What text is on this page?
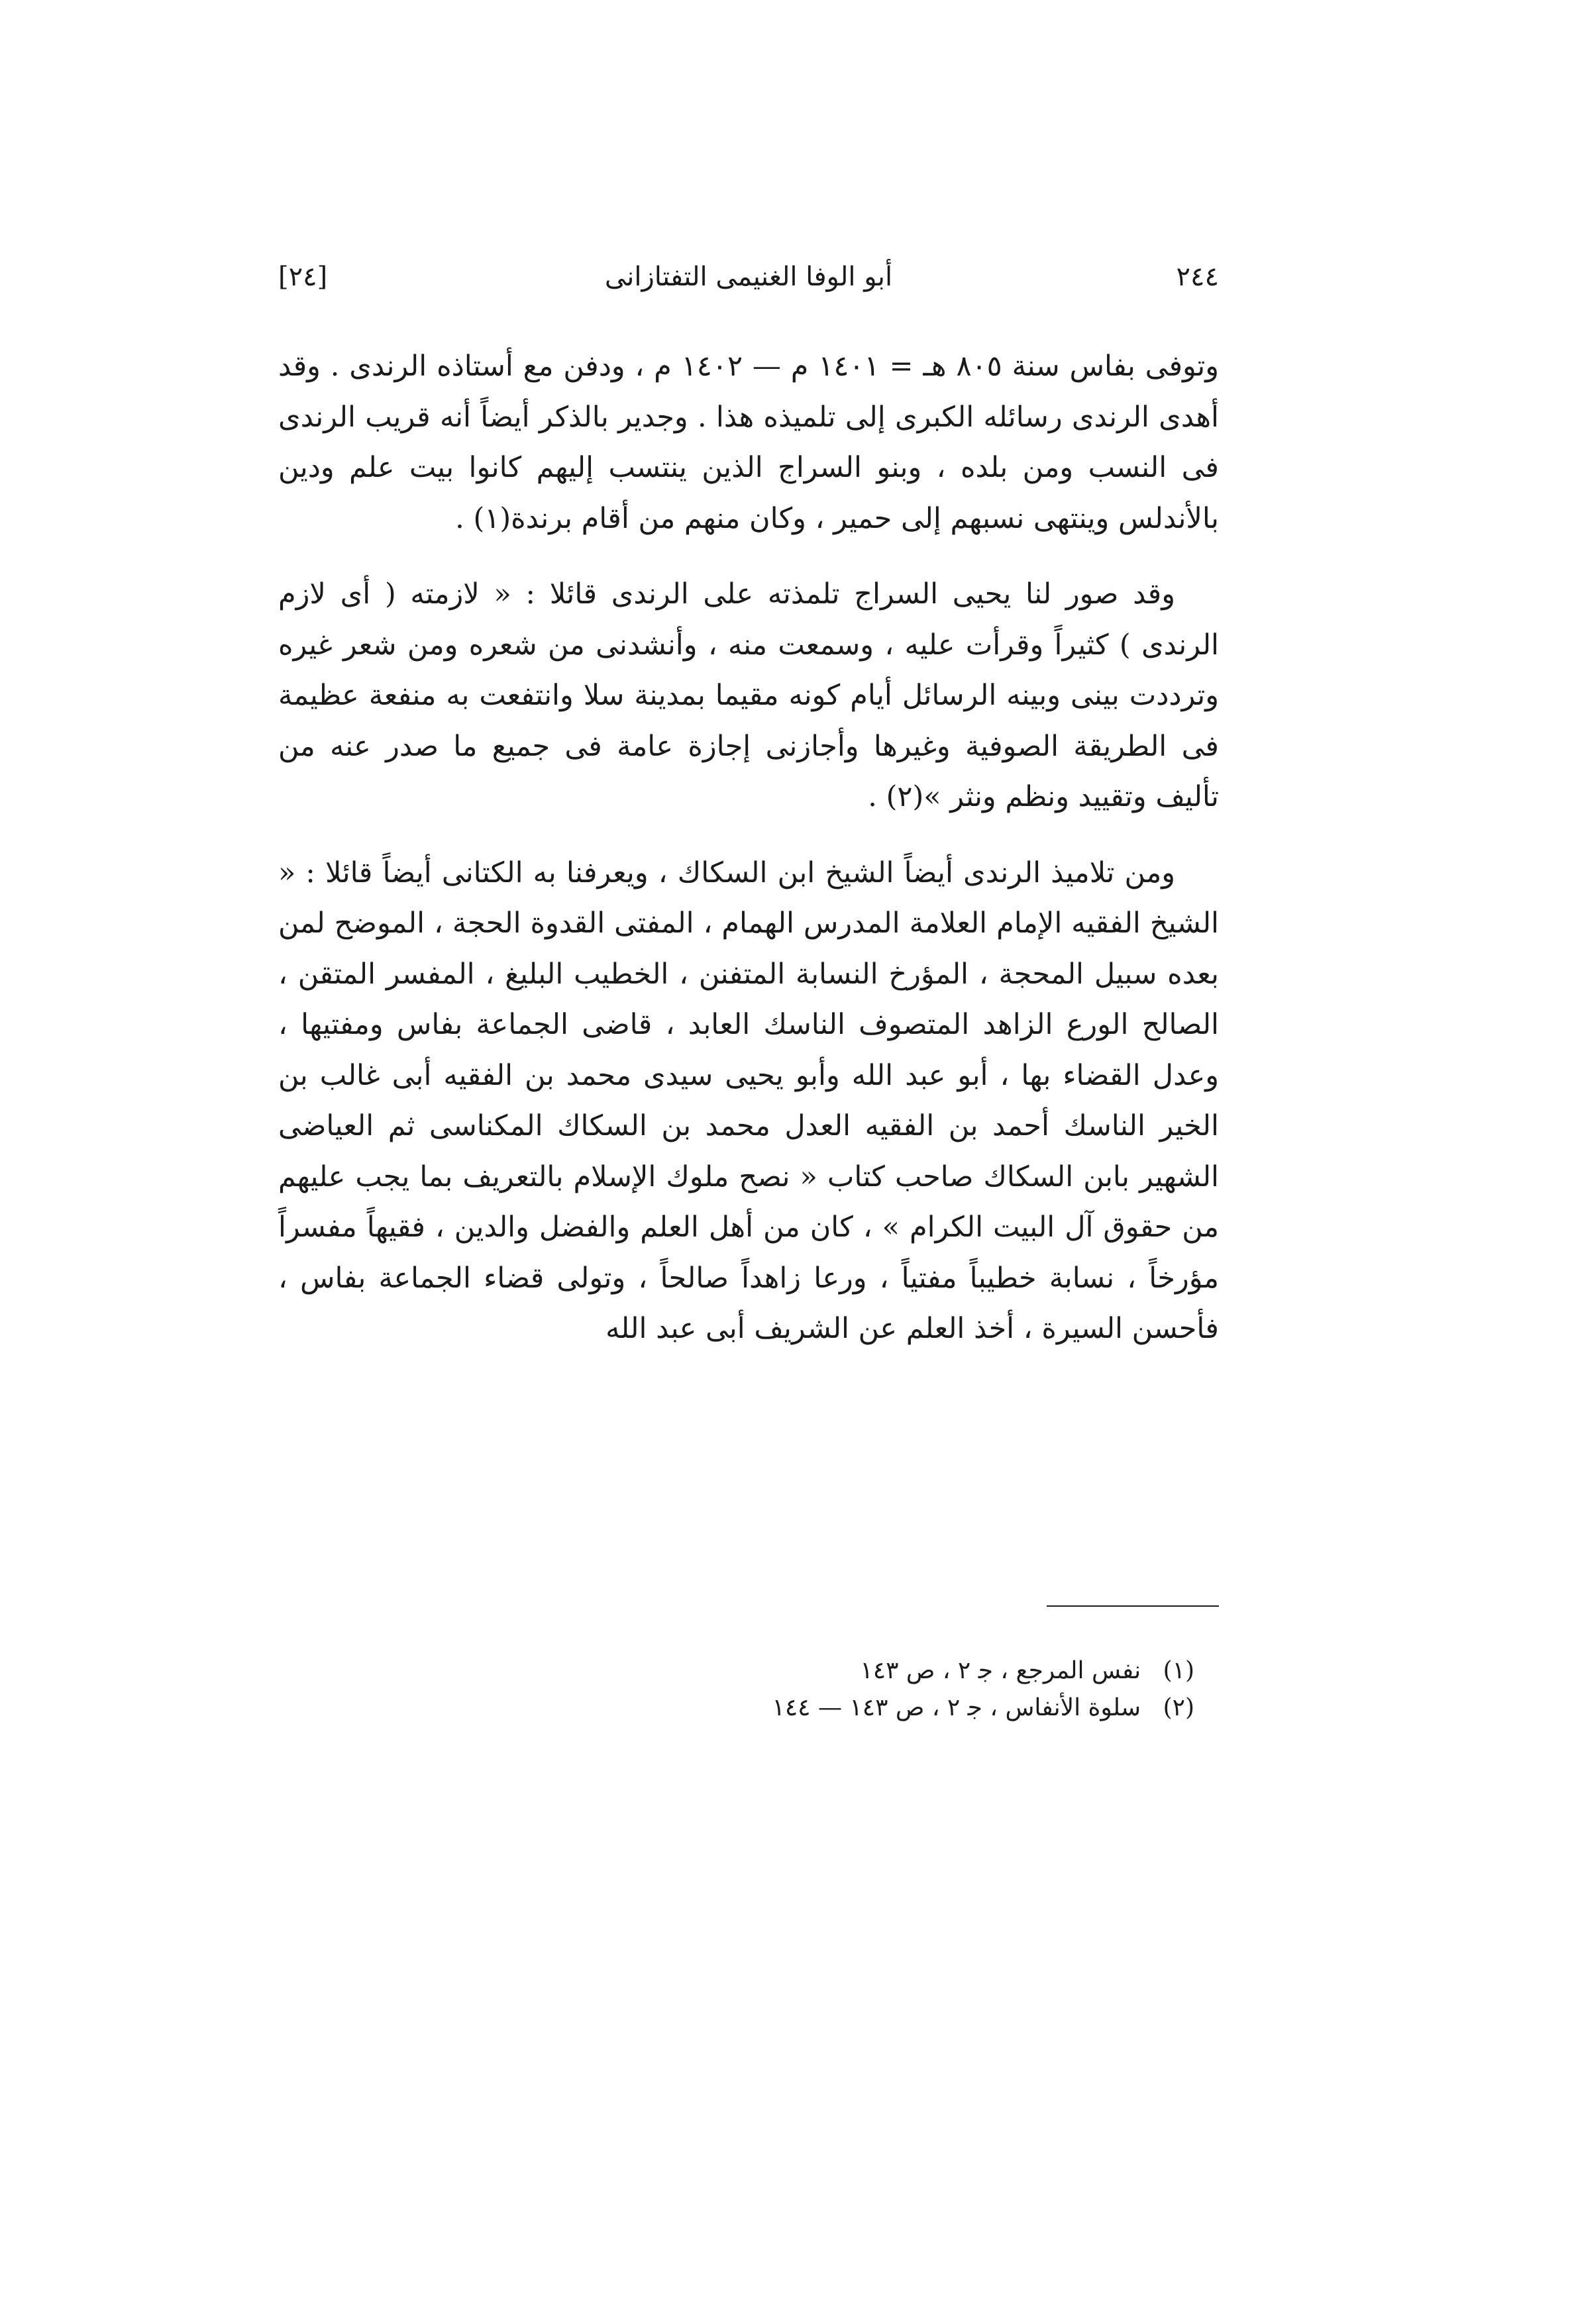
٢٤٤
أبو الوفا الغنيمى التفتازانى
[٢٤]

وتوفى بفاس سنة ٨٠٥ هـ = ١٤٠١ م — ١٤٠٢ م ، ودفن مع أستاذه الرندى . وقد أهدى الرندى رسائله الكبرى إلى تلميذه هذا . وجدير بالذكر أيضاً أنه قريب الرندى فى النسب ومن بلده ، وبنو السراج الذين ينتسب إليهم كانوا بيت علم ودين بالأندلس وينتهى نسبهم إلى حمير ، وكان منهم من أقام برندة(١) .

وقد صور لنا يحيى السراج تلمذته على الرندى قائلا : « لازمته ( أى لازم الرندى ) كثيراً وقرأت عليه ، وسمعت منه ، وأنشدنى من شعره ومن شعر غيره وترددت بينى وبينه الرسائل أيام كونه مقيما بمدينة سلا وانتفعت به منفعة عظيمة فى الطريقة الصوفية وغيرها وأجازنى إجازة عامة فى جميع ما صدر عنه من تأليف وتقييد ونظم ونثر »(٢) .

ومن تلاميذ الرندى أيضاً الشيخ ابن السكاك ، ويعرفنا به الكتانى أيضاً قائلا : « الشيخ الفقيه الإمام العلامة المدرس الهمام ، المفتى القدوة الحجة ، الموضح لمن بعده سبيل المحجة ، المؤرخ النسابة المتفنن ، الخطيب البليغ ، المفسر المتقن ، الصالح الورع الزاهد المتصوف الناسك العابد ، قاضى الجماعة بفاس ومفتيها ، وعدل القضاء بها ، أبو عبد الله وأبو يحيى سيدى محمد بن الفقيه أبى غالب بن الخير الناسك أحمد بن الفقيه العدل محمد بن السكاك المكناسى ثم العياضى الشهير بابن السكاك صاحب كتاب « نصح ملوك الإسلام بالتعريف بما يجب عليهم من حقوق آل البيت الكرام » ، كان من أهل العلم والفضل والدين ، فقيهاً مفسراً مؤرخاً ، نسابة خطيباً مفتياً ، ورعا زاهداً صالحاً ، وتولى قضاء الجماعة بفاس ، فأحسن السيرة ، أخذ العلم عن الشريف أبى عبد الله

(١) نفس المرجع ، ﺟ ٢ ، ص ١٤٣
(٢) سلوة الأنفاس ، ﺟ ٢ ، ص ١٤٣ — ١٤٤
